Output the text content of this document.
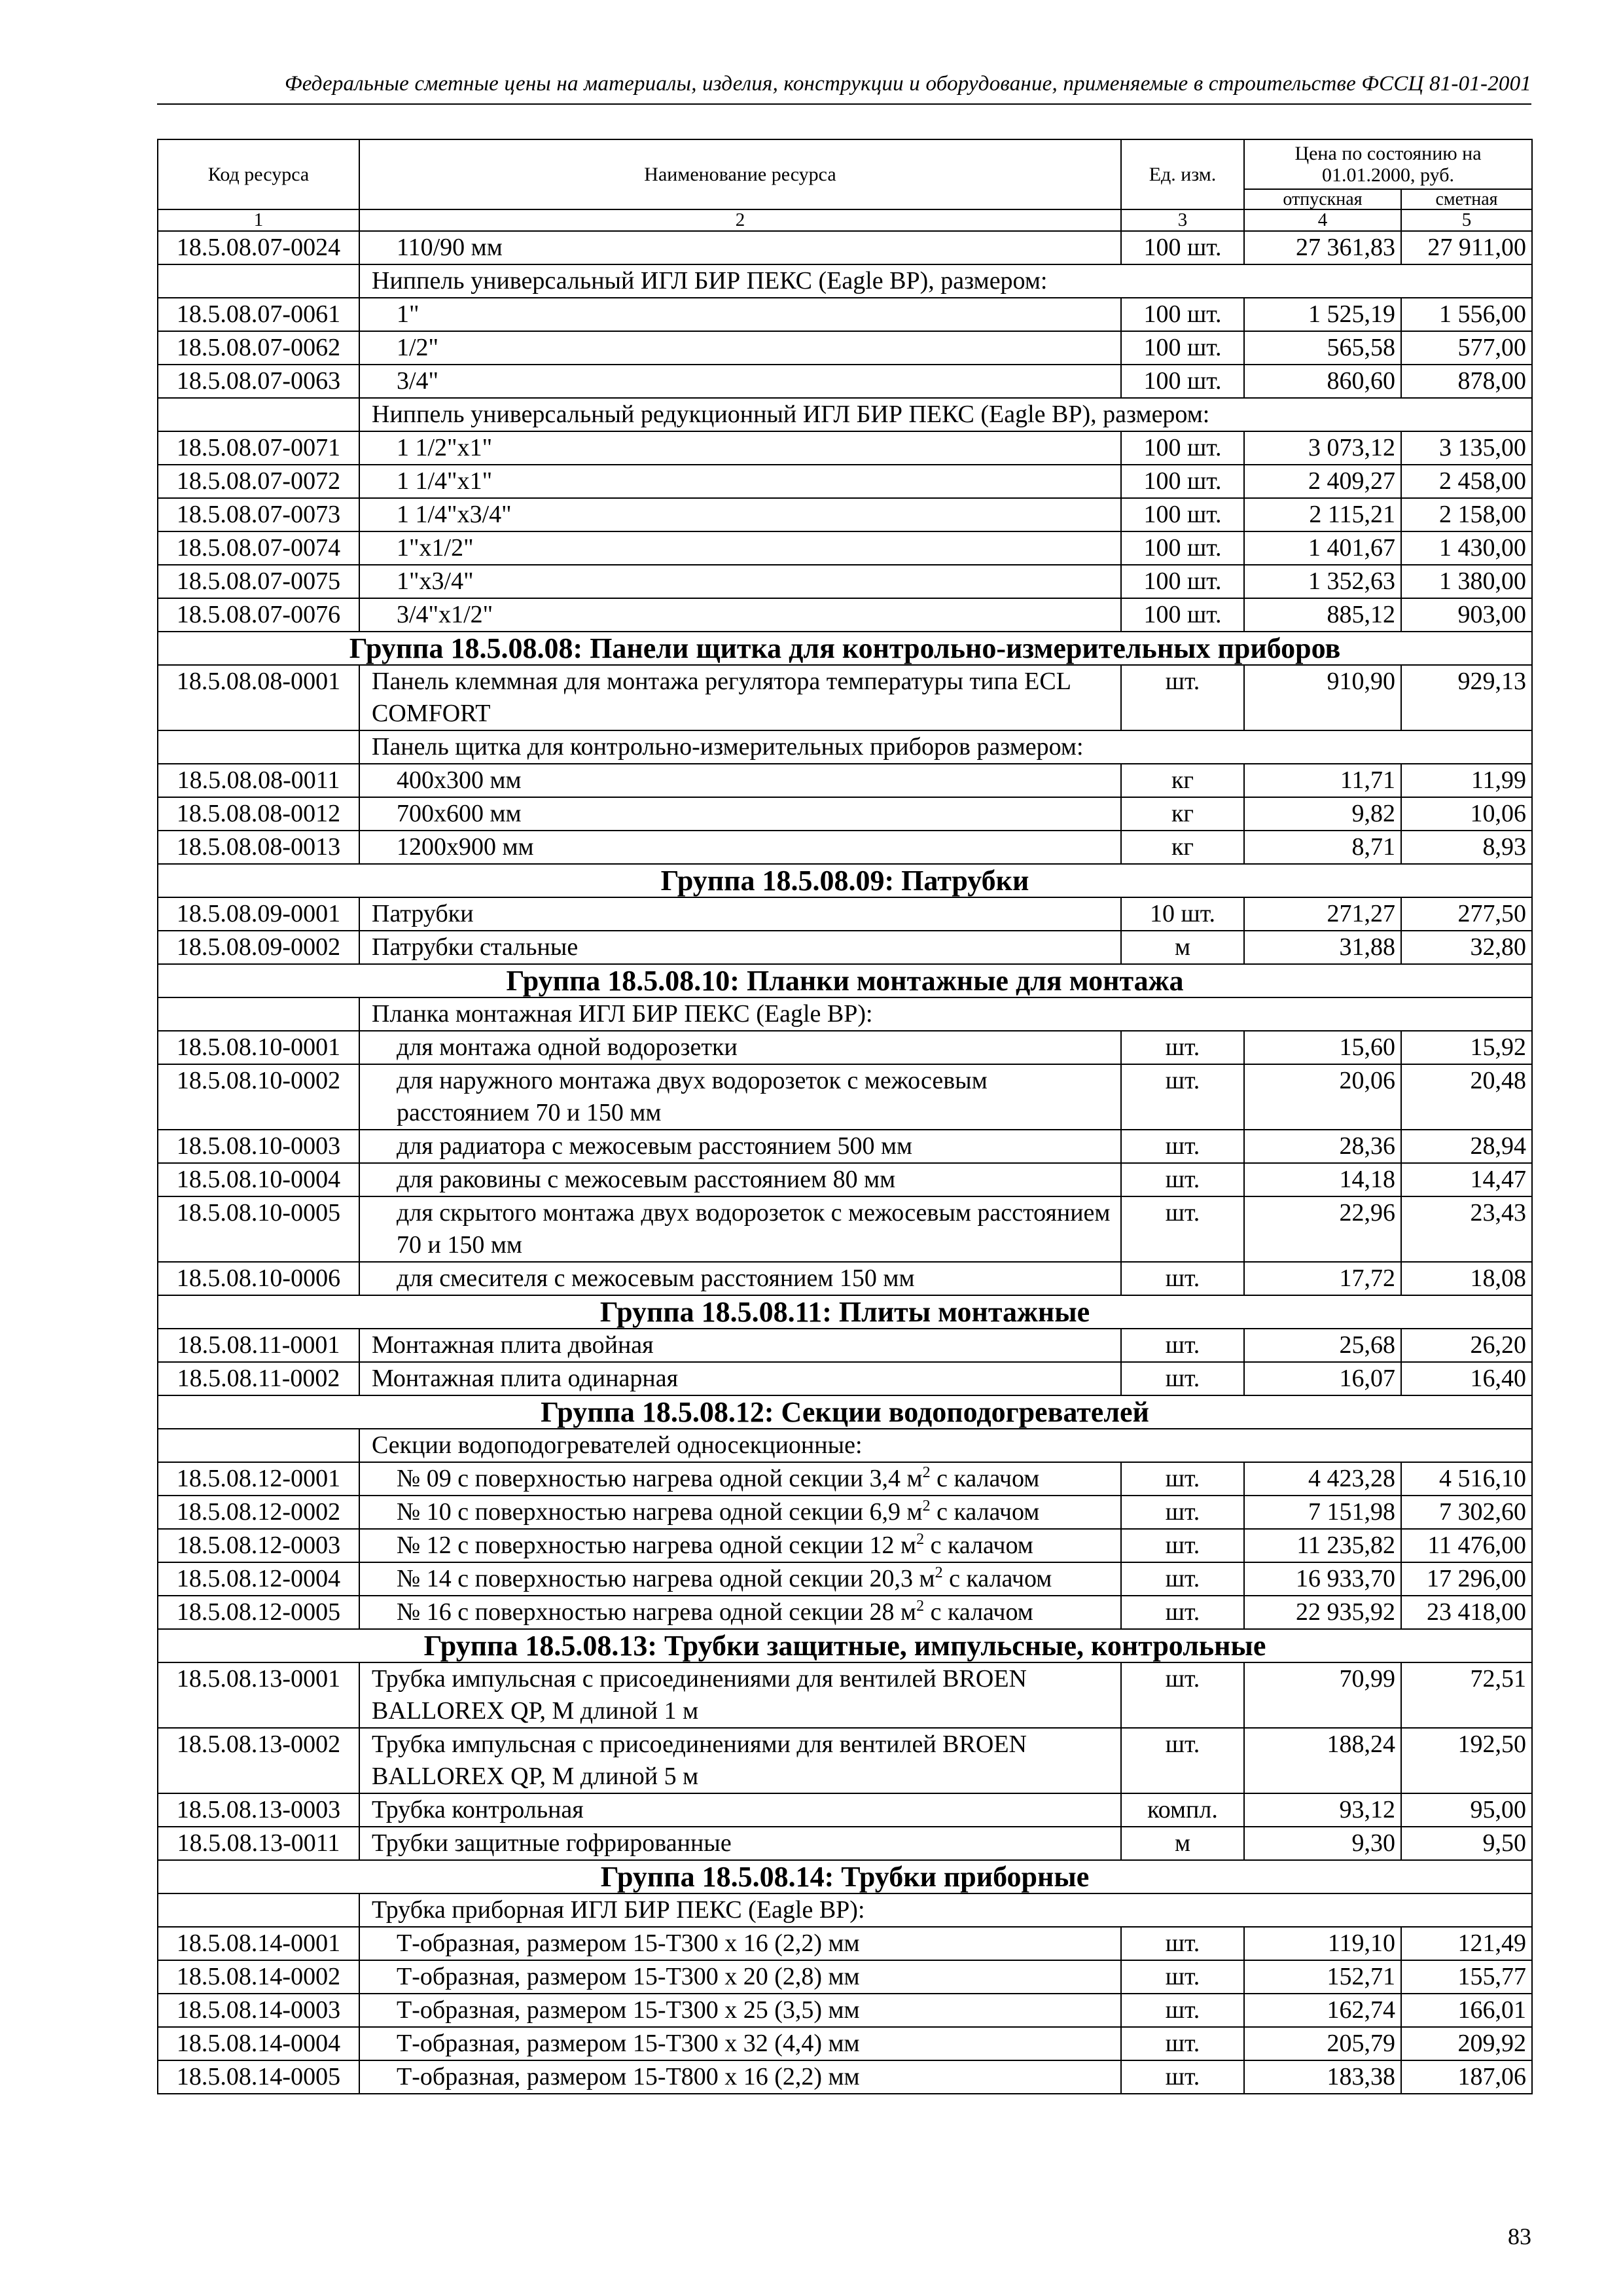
Федеральные сметные цены на материалы, изделия, конструкции и оборудование, применяемые в строительстве ФССЦ 81-01-2001
Код ресурса	Наименование ресурса	Ед. изм.	Цена по состоянию на 01.01.2000, руб.	
			отпускная	сметная
1	2	3	4	5
18.5.08.07-0024	110/90 мм	100 шт.	27 361,83	27 911,00
	Ниппель универсальный ИГЛ БИР ПЕКС (Eagle BP), размером:			
18.5.08.07-0061	1"	100 шт.	1 525,19	1 556,00
18.5.08.07-0062	1/2"	100 шт.	565,58	577,00
18.5.08.07-0063	3/4"	100 шт.	860,60	878,00
	Ниппель универсальный редукционный ИГЛ БИР ПЕКС (Eagle BP), размером:			
18.5.08.07-0071	1 1/2"x1"	100 шт.	3 073,12	3 135,00
18.5.08.07-0072	1 1/4"x1"	100 шт.	2 409,27	2 458,00
18.5.08.07-0073	1 1/4"x3/4"	100 шт.	2 115,21	2 158,00
18.5.08.07-0074	1"x1/2"	100 шт.	1 401,67	1 430,00
18.5.08.07-0075	1"x3/4"	100 шт.	1 352,63	1 380,00
18.5.08.07-0076	3/4"x1/2"	100 шт.	885,12	903,00
Группа 18.5.08.08: Панели щитка для контрольно-измерительных приборов				
18.5.08.08-0001	Панель клеммная для монтажа регулятора температуры типа ECL COMFORT	шт.	910,90	929,13
	Панель щитка для контрольно-измерительных приборов размером:			
18.5.08.08-0011	400x300 мм	кг	11,71	11,99
18.5.08.08-0012	700x600 мм	кг	9,82	10,06
18.5.08.08-0013	1200x900 мм	кг	8,71	8,93
Группа 18.5.08.09: Патрубки				
18.5.08.09-0001	Патрубки	10 шт.	271,27	277,50
18.5.08.09-0002	Патрубки стальные	м	31,88	32,80
Группа 18.5.08.10: Планки монтажные для монтажа				
	Планка монтажная ИГЛ БИР ПЕКС (Eagle BP):			
18.5.08.10-0001	для монтажа одной водорозетки	шт.	15,60	15,92
18.5.08.10-0002	для наружного монтажа двух водорозеток с межосевым расстоянием 70 и 150 мм	шт.	20,06	20,48
18.5.08.10-0003	для радиатора с межосевым расстоянием 500 мм	шт.	28,36	28,94
18.5.08.10-0004	для раковины с межосевым расстоянием 80 мм	шт.	14,18	14,47
18.5.08.10-0005	для скрытого монтажа двух водорозеток с межосевым расстоянием 70 и 150 мм	шт.	22,96	23,43
18.5.08.10-0006	для смесителя с межосевым расстоянием 150 мм	шт.	17,72	18,08
Группа 18.5.08.11: Плиты монтажные				
18.5.08.11-0001	Монтажная плита двойная	шт.	25,68	26,20
18.5.08.11-0002	Монтажная плита одинарная	шт.	16,07	16,40
Группа 18.5.08.12: Секции водоподогревателей				
	Секции водоподогревателей односекционные:			
18.5.08.12-0001	№ 09 с поверхностью нагрева одной секции 3,4 $м^2$ с калачом	шт.	4 423,28	4 516,10
18.5.08.12-0002	№ 10 с поверхностью нагрева одной секции 6,9 $м^2$ с калачом	шт.	7 151,98	7 302,60
18.5.08.12-0003	№ 12 с поверхностью нагрева одной секции 12 $м^2$ с калачом	шт.	11 235,82	11 476,00
18.5.08.12-0004	№ 14 с поверхностью нагрева одной секции 20,3 $м^2$ с калачом	шт.	16 933,70	17 296,00
18.5.08.12-0005	№ 16 с поверхностью нагрева одной секции 28 $м^2$ с калачом	шт.	22 935,92	23 418,00
Группа 18.5.08.13: Трубки защитные, импульсные, контрольные				
18.5.08.13-0001	Трубка импульсная с присоединениями для вентилей BROEN BALLOREX QP, M длиной 1 м	шт.	70,99	72,51
18.5.08.13-0002	Трубка импульсная с присоединениями для вентилей BROEN BALLOREX QP, M длиной 5 м	шт.	188,24	192,50
18.5.08.13-0003	Трубка контрольная	компл.	93,12	95,00
18.5.08.13-0011	Трубки защитные гофрированные	м	9,30	9,50
Группа 18.5.08.14: Трубки приборные				
	Трубка приборная ИГЛ БИР ПЕКС (Eagle BP):			
18.5.08.14-0001	Т-образная, размером 15-T300 x 16 (2,2) мм	шт.	119,10	121,49
18.5.08.14-0002	Т-образная, размером 15-T300 x 20 (2,8) мм	шт.	152,71	155,77
18.5.08.14-0003	Т-образная, размером 15-T300 x 25 (3,5) мм	шт.	162,74	166,01
18.5.08.14-0004	Т-образная, размером 15-T300 x 32 (4,4) мм	шт.	205,79	209,92
18.5.08.14-0005	Т-образная, размером 15-T800 x 16 (2,2) мм	шт.	183,38	187,06
83
